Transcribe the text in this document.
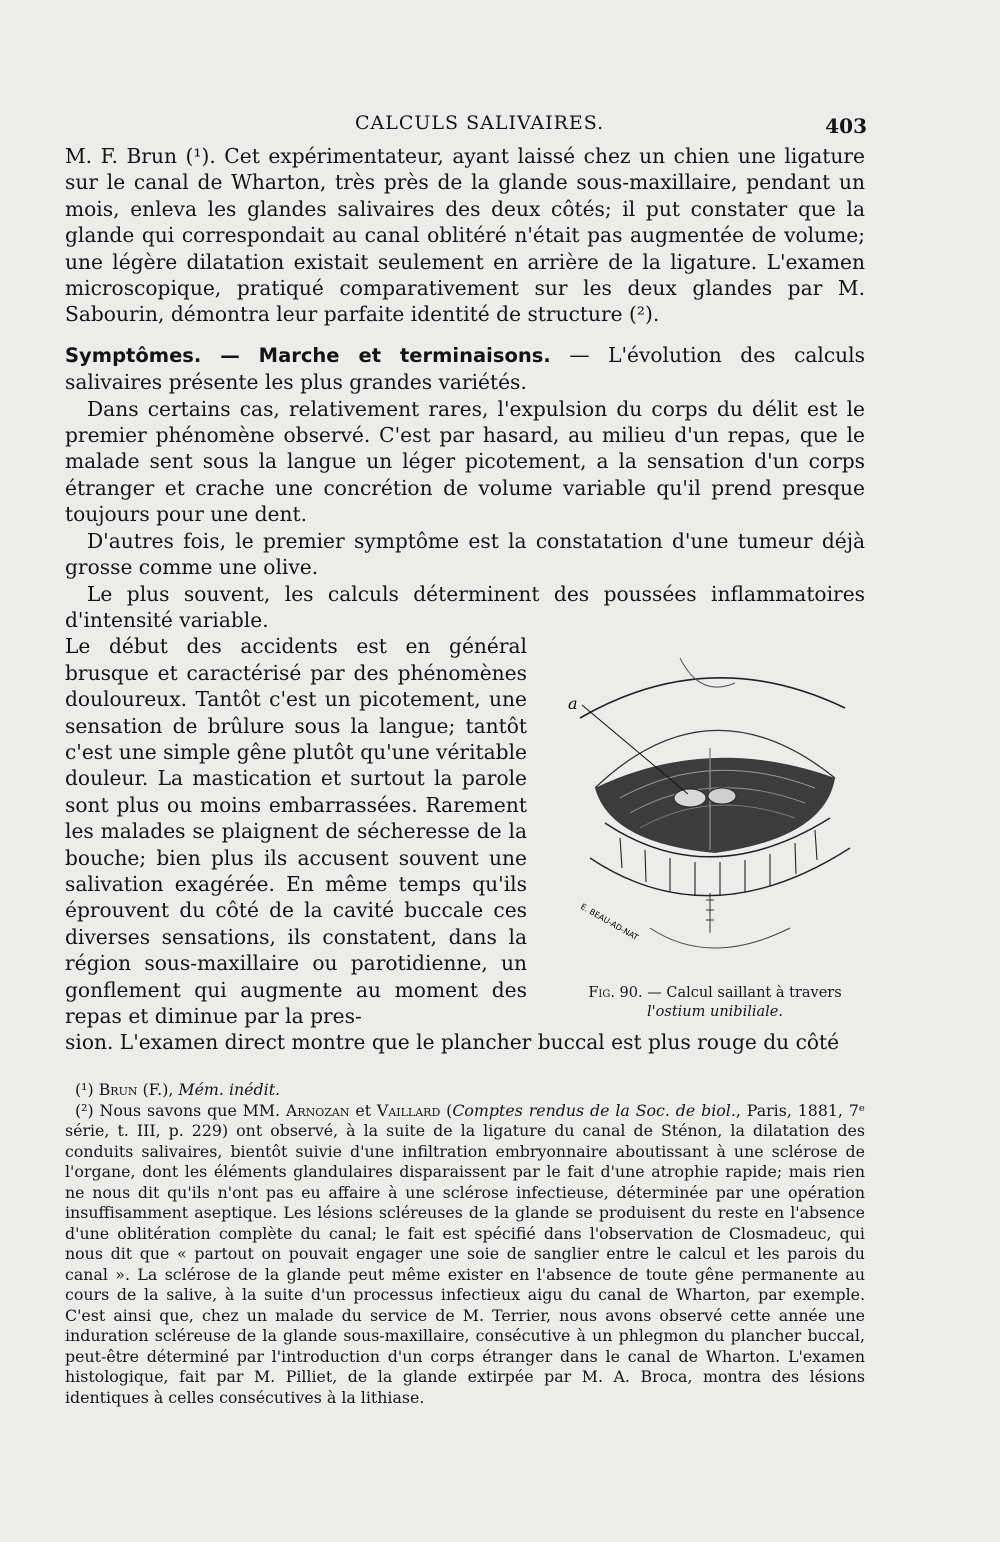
CALCULS SALIVAIRES.	403

M. F. Brun (¹). Cet expérimentateur, ayant laissé chez un chien une ligature sur le canal de Wharton, très près de la glande sous-maxillaire, pendant un mois, enleva les glandes salivaires des deux côtés; il put constater que la glande qui correspondait au canal oblitéré n'était pas augmentée de volume; une légère dilatation existait seulement en arrière de la ligature. L'examen microscopique, pratiqué comparativement sur les deux glandes par M. Sabourin, démontra leur parfaite identité de structure (²).

Symptômes. — Marche et terminaisons. — L'évolution des calculs salivaires présente les plus grandes variétés.

Dans certains cas, relativement rares, l'expulsion du corps du délit est le premier phénomène observé. C'est par hasard, au milieu d'un repas, que le malade sent sous la langue un léger picotement, a la sensation d'un corps étranger et crache une concrétion de volume variable qu'il prend presque toujours pour une dent.

D'autres fois, le premier symptôme est la constatation d'une tumeur déjà grosse comme une olive.

Le plus souvent, les calculs déterminent des poussées inflammatoires d'intensité variable.

Le début des accidents est en général brusque et caractérisé par des phénomènes douloureux. Tantôt c'est un picotement, une sensation de brûlure sous la langue; tantôt c'est une simple gêne plutôt qu'une véritable douleur. La mastication et surtout la parole sont plus ou moins embarrassées. Rarement les malades se plaignent de sécheresse de la bouche; bien plus ils accusent souvent une salivation exagérée. En même temps qu'ils éprouvent du côté de la cavité buccale ces diverses sensations, ils constatent, dans la région sous-maxillaire ou parotidienne, un gonflement qui augmente au moment des repas et diminue par la pres-

sion. L'examen direct montre que le plancher buccal est plus rouge du côté

a
E. BEAU-AD-NAT
Fig. 90. — Calcul saillant à travers
l'ostium unibiliale.

(¹) Brun (F.), Mém. inédit.

(²) Nous savons que MM. Arnozan et Vaillard (Comptes rendus de la Soc. de biol., Paris, 1881, 7ᵉ série, t. III, p. 229) ont observé, à la suite de la ligature du canal de Sténon, la dilatation des conduits salivaires, bientôt suivie d'une infiltration embryonnaire aboutissant à une sclérose de l'organe, dont les éléments glandulaires disparaissent par le fait d'une atrophie rapide; mais rien ne nous dit qu'ils n'ont pas eu affaire à une sclérose infectieuse, déterminée par une opération insuffisamment aseptique. Les lésions scléreuses de la glande se produisent du reste en l'absence d'une oblitération complète du canal; le fait est spécifié dans l'observation de Closmadeuc, qui nous dit que « partout on pouvait engager une soie de sanglier entre le calcul et les parois du canal ». La sclérose de la glande peut même exister en l'absence de toute gêne permanente au cours de la salive, à la suite d'un processus infectieux aigu du canal de Wharton, par exemple. C'est ainsi que, chez un malade du service de M. Terrier, nous avons observé cette année une induration scléreuse de la glande sous-maxillaire, consécutive à un phlegmon du plancher buccal, peut-être déterminé par l'introduction d'un corps étranger dans le canal de Wharton. L'examen histologique, fait par M. Pilliet, de la glande extirpée par M. A. Broca, montra des lésions identiques à celles consécutives à la lithiase.
